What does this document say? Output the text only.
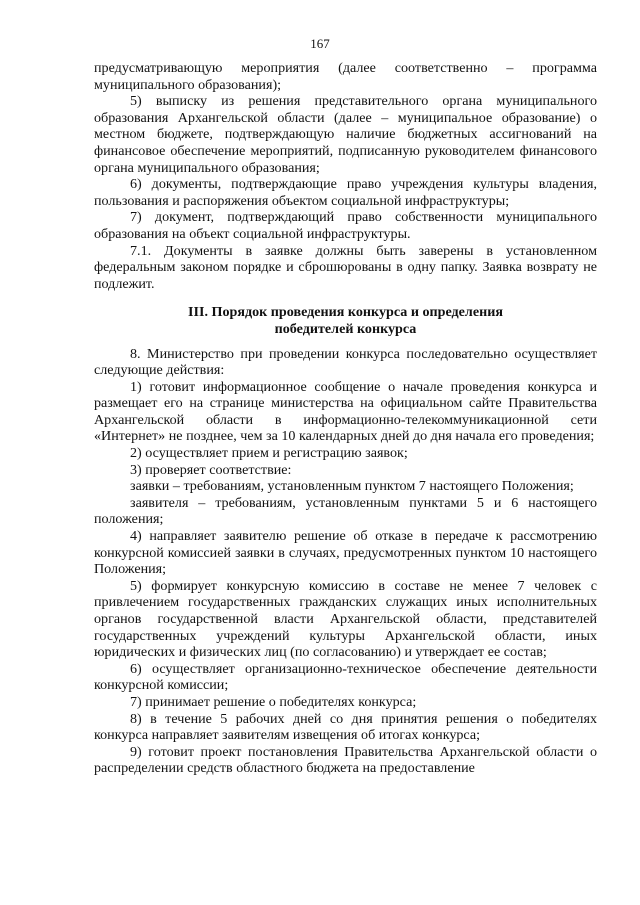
167

предусматривающую мероприятия (далее соответственно – программа муниципального образования);

5) выписку из решения представительного органа муниципального образования Архангельской области (далее – муниципальное образование) о местном бюджете, подтверждающую наличие бюджетных ассигнований на финансовое обеспечение мероприятий, подписанную руководителем финансового органа муниципального образования;

6) документы, подтверждающие право учреждения культуры владения, пользования и распоряжения объектом социальной инфраструктуры;

7) документ, подтверждающий право собственности муниципального образования на объект социальной инфраструктуры.

7.1. Документы в заявке должны быть заверены в установленном федеральным законом порядке и сброшюрованы в одну папку. Заявка возврату не подлежит.

III. Порядок проведения конкурса и определения
победителей конкурса

8. Министерство при проведении конкурса последовательно осуществляет следующие действия:

1) готовит информационное сообщение о начале проведения конкурса и размещает его на странице министерства на официальном сайте Правительства Архангельской области в информационно-телекоммуникационной сети «Интернет» не позднее, чем за 10 календарных дней до дня начала его проведения;

2) осуществляет прием и регистрацию заявок;

3) проверяет соответствие:

заявки – требованиям, установленным пунктом 7 настоящего Положения;

заявителя – требованиям, установленным пунктами 5 и 6 настоящего положения;

4) направляет заявителю решение об отказе в передаче к рассмотрению конкурсной комиссией заявки в случаях, предусмотренных пунктом 10 настоящего Положения;

5) формирует конкурсную комиссию в составе не менее 7 человек с привлечением государственных гражданских служащих иных исполнительных органов государственной власти Архангельской области, представителей государственных учреждений культуры Архангельской области, иных юридических и физических лиц (по согласованию) и утверждает ее состав;

6) осуществляет организационно-техническое обеспечение деятельности конкурсной комиссии;

7) принимает решение о победителях конкурса;

8) в течение 5 рабочих дней со дня принятия решения о победителях конкурса направляет заявителям извещения об итогах конкурса;

9) готовит проект постановления Правительства Архангельской области о распределении средств областного бюджета на предоставление
